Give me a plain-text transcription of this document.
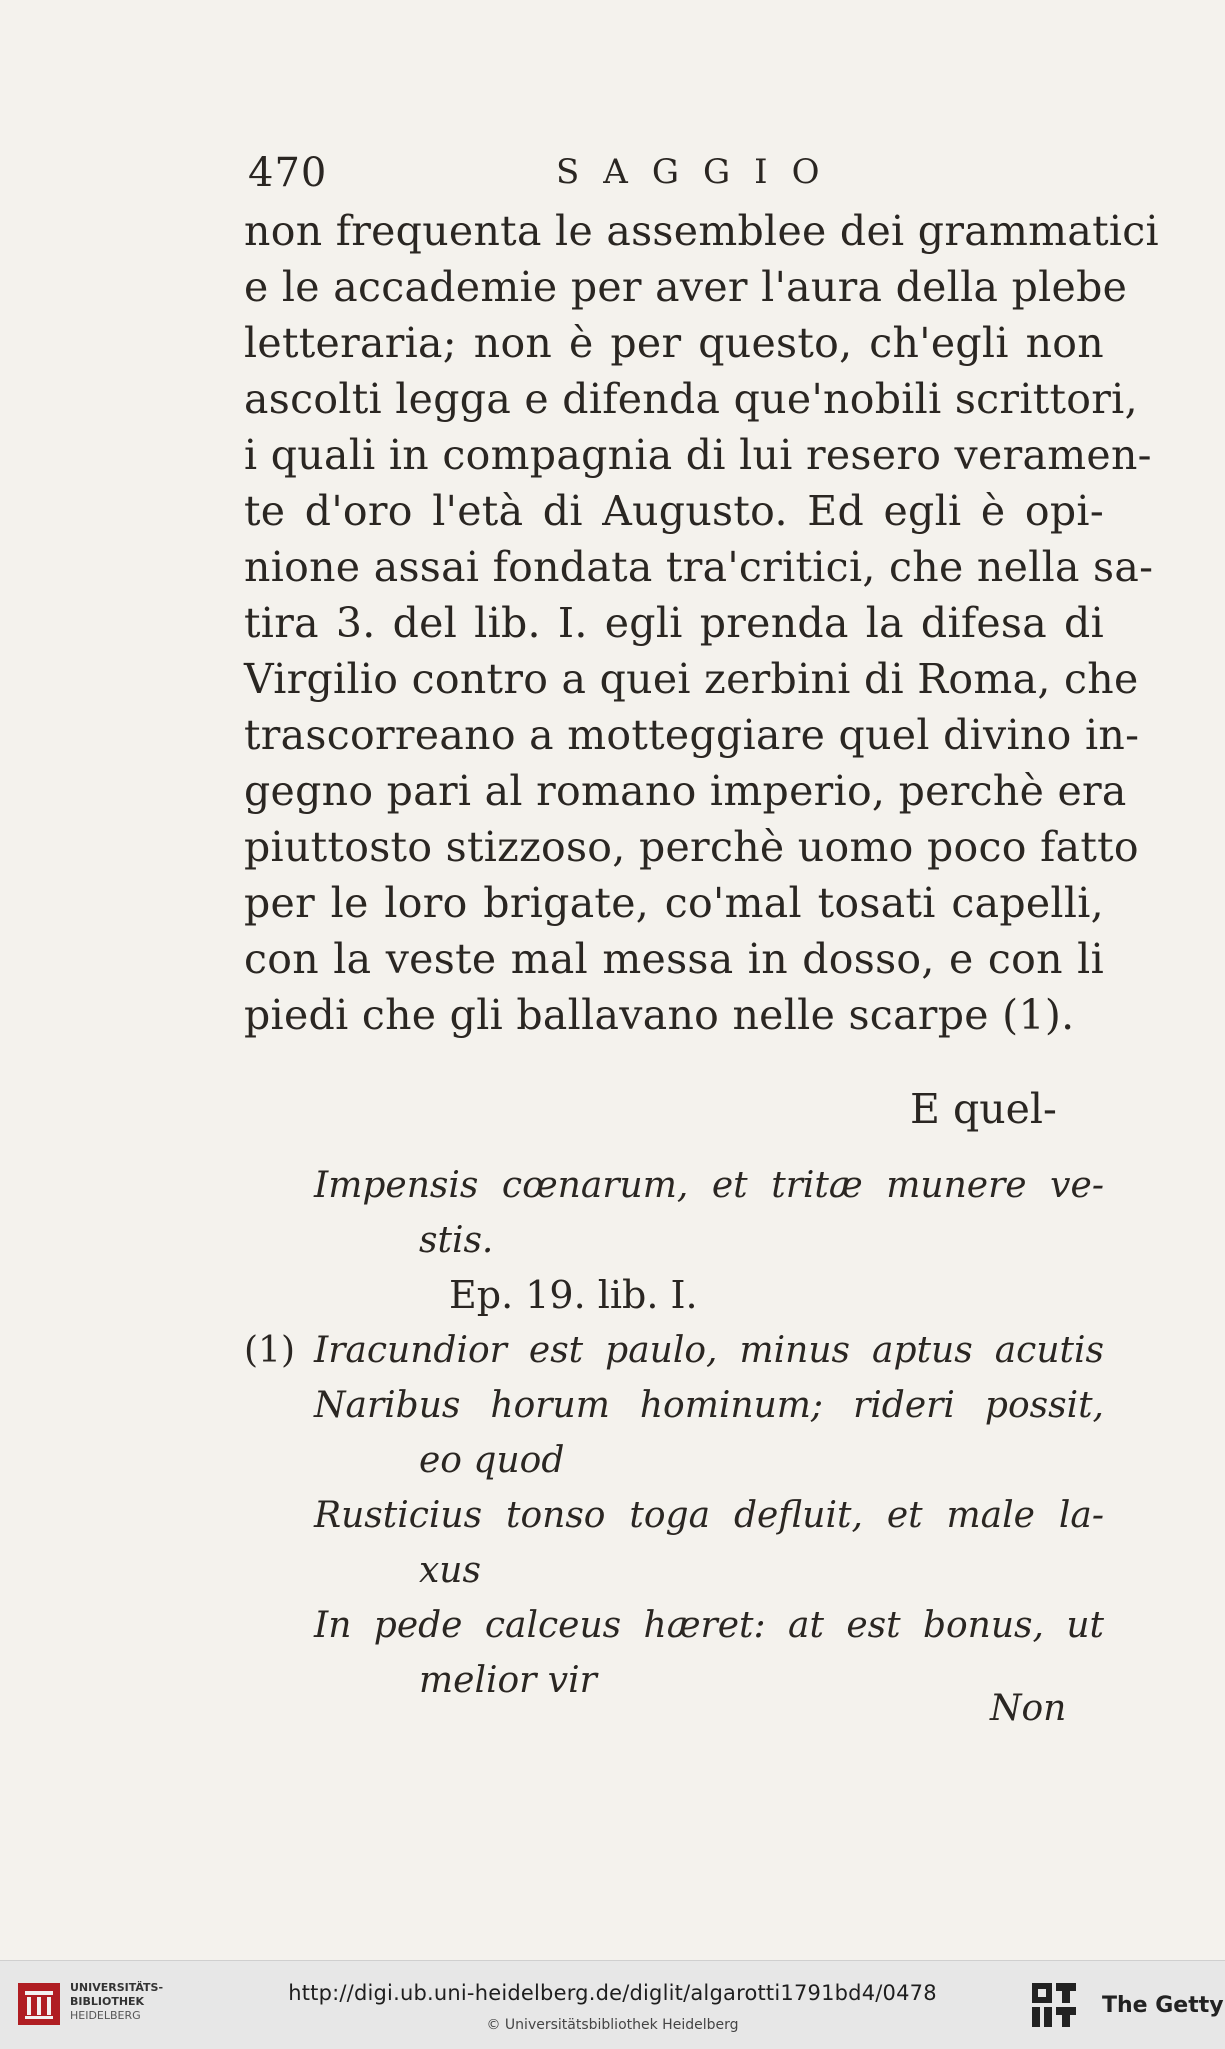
470	SAGGIO
non frequenta le assemblee dei grammatici
e le accademie per aver l'aura della plebe
letteraria; non è per questo, ch'egli non
ascolti legga e difenda que'nobili scrittori,
i quali in compagnia di lui resero veramen-
te d'oro l'età di Augusto. Ed egli è opi-
nione assai fondata tra'critici, che nella sa-
tira 3. del lib. I. egli prenda la difesa di
Virgilio contro a quei zerbini di Roma, che
trascorreano a motteggiare quel divino in-
gegno pari al romano imperio, perchè era
piuttosto stizzoso, perchè uomo poco fatto
per le loro brigate, co'mal tosati capelli,
con la veste mal messa in dosso, e con li
piedi che gli ballavano nelle scarpe (1).
E quel-
Impensis cœnarum, et tritæ munere ve-
stis.
Ep. 19. lib. I.
(1) Iracundior est paulo, minus aptus acutis
Naribus horum hominum; rideri possit,
eo quod
Rusticius tonso toga defluit, et male la-
xus
In pede calceus hæret: at est bonus, ut
melior vir
Non
UNIVERSITÄTS-
BIBLIOTHEK
HEIDELBERG
http://digi.ub.uni-heidelberg.de/diglit/algarotti1791bd4/0478
© Universitätsbibliothek Heidelberg
The Getty
